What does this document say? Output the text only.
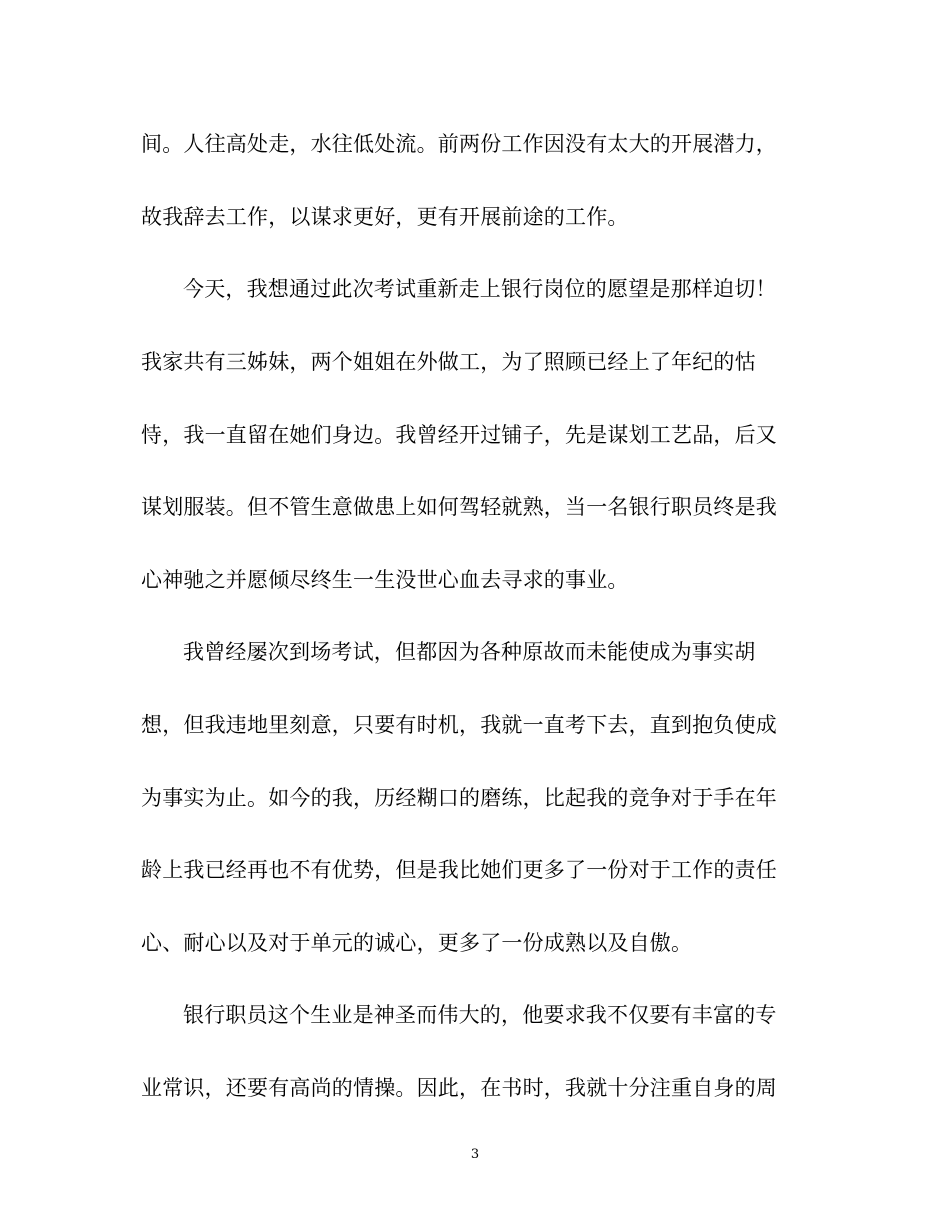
间。人往高处走，水往低处流。前两份工作因没有太大的开展潜力，
故我辞去工作，以谋求更好，更有开展前途的工作。
今天，我想通过此次考试重新走上银行岗位的愿望是那样迫切！
我家共有三姊妹，两个姐姐在外做工，为了照顾已经上了年纪的怙
恃，我一直留在她们身边。我曾经开过铺子，先是谋划工艺品，后又
谋划服装。但不管生意做患上如何驾轻就熟，当一名银行职员终是我
心神驰之并愿倾尽终生一生没世心血去寻求的事业。
我曾经屡次到场考试，但都因为各种原故而未能使成为事实胡
想，但我违地里刻意，只要有时机，我就一直考下去，直到抱负使成
为事实为止。如今的我，历经糊口的磨练，比起我的竞争对于手在年
龄上我已经再也不有优势，但是我比她们更多了一份对于工作的责任
心、耐心以及对于单元的诚心，更多了一份成熟以及自傲。
银行职员这个生业是神圣而伟大的，他要求我不仅要有丰富的专
业常识，还要有高尚的情操。因此，在书时，我就十分注重自身的周
3
